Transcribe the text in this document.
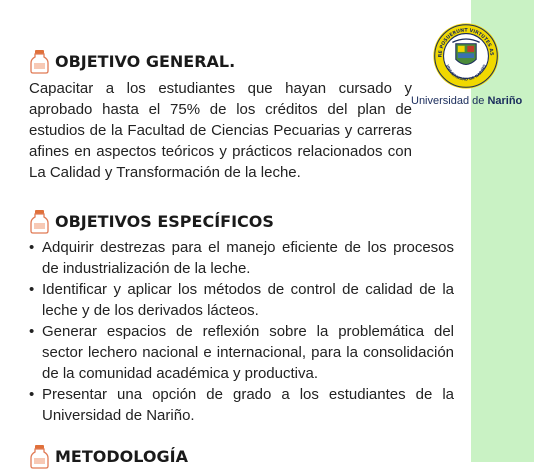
RE POSUERUNT VIRTUTES AS
UNIVERSIDAD DE NARIÑO
Universidad de Nariño
OBJETIVO GENERAL.

Capacitar a los estudiantes que hayan cursado y aprobado hasta el 75% de los créditos del plan de estudios de la Facultad de Ciencias Pecuarias y carreras afines en aspectos teóricos y prácticos relacionados con La Calidad y Transformación de la leche.

OBJETIVOS ESPECÍFICOS
• Adquirir destrezas para el manejo eficiente de los procesos de industrialización de la leche.
• Identificar y aplicar los métodos de control de calidad de la leche y de los derivados lácteos.
• Generar espacios de reflexión sobre la problemática del sector lechero nacional e internacional, para la consolidación de la comunidad académica y productiva.
• Presentar una opción de grado a los estudiantes de la Universidad de Nariño.
METODOLOGÍA
